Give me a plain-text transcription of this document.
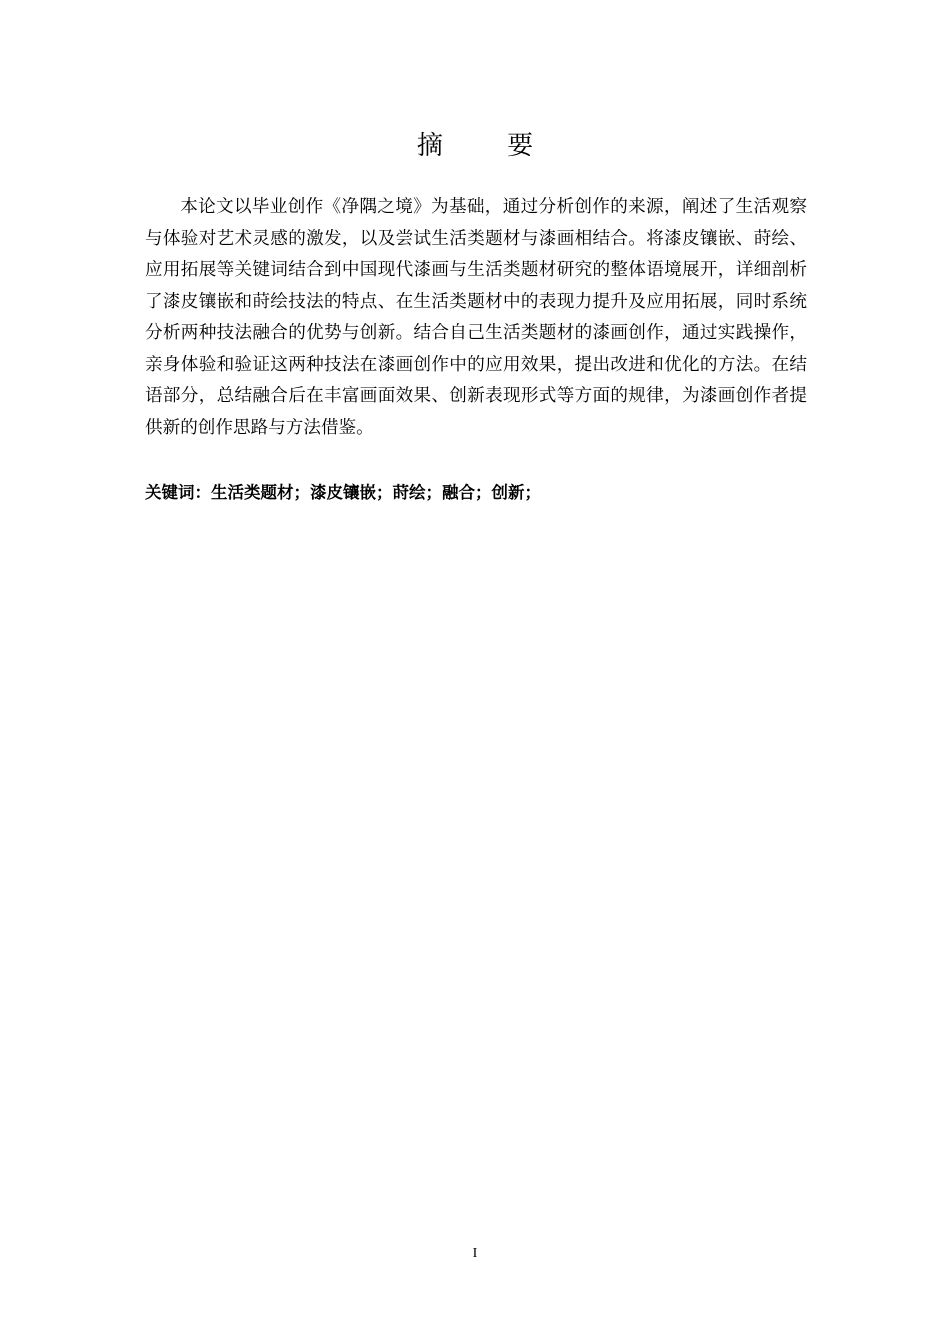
摘 要

本论文以毕业创作《净隅之境》为基础，通过分析创作的来源，阐述了生活观察与体验对艺术灵感的激发，以及尝试生活类题材与漆画相结合。将漆皮镶嵌、莳绘、应用拓展等关键词结合到中国现代漆画与生活类题材研究的整体语境展开，详细剖析了漆皮镶嵌和莳绘技法的特点、在生活类题材中的表现力提升及应用拓展，同时系统分析两种技法融合的优势与创新。结合自己生活类题材的漆画创作，通过实践操作，亲身体验和验证这两种技法在漆画创作中的应用效果，提出改进和优化的方法。在结语部分，总结融合后在丰富画面效果、创新表现形式等方面的规律，为漆画创作者提供新的创作思路与方法借鉴。

关键词：生活类题材；漆皮镶嵌；莳绘；融合；创新；
I
